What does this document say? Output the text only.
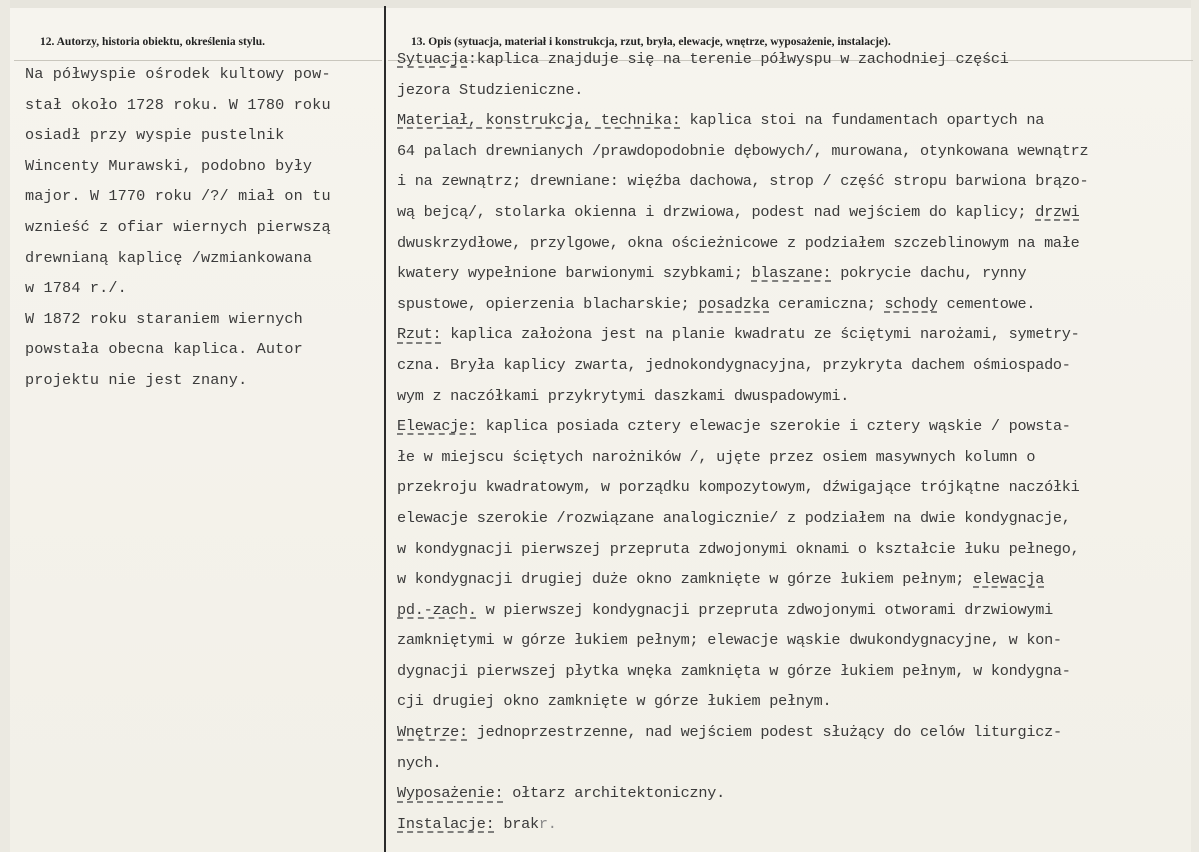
12. Autorzy, historia obiektu, określenia stylu.	13. Opis (sytuacja, materiał i konstrukcja, rzut, bryła, elewacje, wnętrze, wyposażenie, instalacje).
Na półwyspie ośrodek kultowy pow-
stał około 1728 roku. W 1780 roku
osiadł przy wyspie pustelnik
Wincenty Murawski, podobno były
major. W 1770 roku /?/ miał on tu
wznieść z ofiar wiernych pierwszą
drewnianą kaplicę /wzmiankowana
w 1784 r./.
W 1872 roku staraniem wiernych
powstała obecna kaplica. Autor
projektu nie jest znany.
Sytuacja:kaplica znajduje się na terenie półwyspu w zachodniej części
jezora Studzieniczne.
Materiał, konstrukcja, technika: kaplica stoi na fundamentach opartych na
64 palach drewnianych /prawdopodobnie dębowych/, murowana, otynkowana wewnątrz
i na zewnątrz; drewniane: więźba dachowa, strop / część stropu barwiona brązo-
wą bejcą/, stolarka okienna i drzwiowa, podest nad wejściem do kaplicy; drzwi
dwuskrzydłowe, przylgowe, okna ościeżnicowe z podziałem szczeblinowym na małe
kwatery wypełnione barwionymi szybkami; blaszane: pokrycie dachu, rynny
spustowe, opierzenia blacharskie; posadzka ceramiczna; schody cementowe.
Rzut: kaplica założona jest na planie kwadratu ze ściętymi narożami, symetry-
czna. Bryła kaplicy zwarta, jednokondygnacyjna, przykryta dachem ośmiospado-
wym z naczółkami przykrytymi daszkami dwuspadowymi.
Elewacje: kaplica posiada cztery elewacje szerokie i cztery wąskie / powsta-
łe w miejscu ściętych narożników /, ujęte przez osiem masywnych kolumn o
przekroju kwadratowym, w porządku kompozytowym, dźwigające trójkątne naczółki
elewacje szerokie /rozwiązane analogicznie/ z podziałem na dwie kondygnacje,
w kondygnacji pierwszej przepruta zdwojonymi oknami o kształcie łuku pełnego,
w kondygnacji drugiej duże okno zamknięte w górze łukiem pełnym; elewacja
pd.-zach. w pierwszej kondygnacji przepruta zdwojonymi otworami drzwiowymi
zamkniętymi w górze łukiem pełnym; elewacje wąskie dwukondygnacyjne, w kon-
dygnacji pierwszej płytka wnęka zamknięta w górze łukiem pełnym, w kondygna-
cji drugiej okno zamknięte w górze łukiem pełnym.
Wnętrze: jednoprzestrzenne, nad wejściem podest służący do celów liturgicz-
nych.
Wyposażenie: ołtarz architektoniczny.
Instalacje: brakr.
